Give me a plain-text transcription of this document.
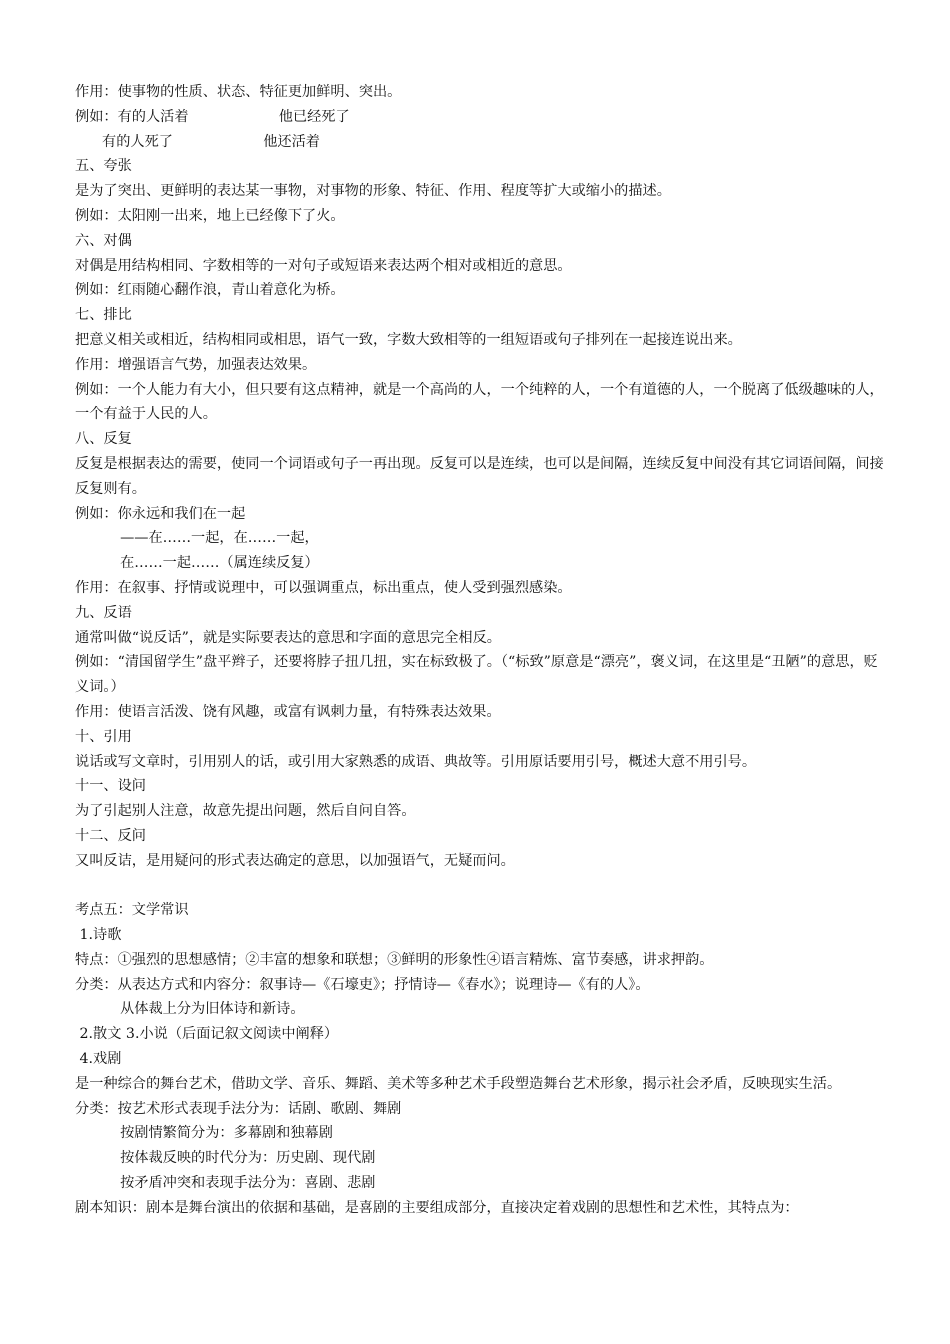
作用：使事物的性质、状态、特征更加鲜明、突出。
例如：有的人活着                    他已经死了
有的人死了                    他还活着
五、夸张
是为了突出、更鲜明的表达某一事物，对事物的形象、特征、作用、程度等扩大或缩小的描述。
例如：太阳刚一出来，地上已经像下了火。
六、对偶
对偶是用结构相同、字数相等的一对句子或短语来表达两个相对或相近的意思。
例如：红雨随心翻作浪，青山着意化为桥。
七、排比
把意义相关或相近，结构相同或相思，语气一致，字数大致相等的一组短语或句子排列在一起接连说出来。
作用：增强语言气势，加强表达效果。
例如：一个人能力有大小，但只要有这点精神，就是一个高尚的人，一个纯粹的人，一个有道德的人，一个脱离了低级趣味的人，一个有益于人民的人。
八、反复
反复是根据表达的需要，使同一个词语或句子一再出现。反复可以是连续，也可以是间隔，连续反复中间没有其它词语间隔，间接反复则有。
例如：你永远和我们在一起
——在……一起，在……一起，
在……一起……（属连续反复）
作用：在叙事、抒情或说理中，可以强调重点，标出重点，使人受到强烈感染。
九、反语
通常叫做“说反话”，就是实际要表达的意思和字面的意思完全相反。
例如：“清国留学生”盘平辫子，还要将脖子扭几扭，实在标致极了。（“标致”原意是“漂亮”，褒义词，在这里是“丑陋”的意思，贬义词。）
作用：使语言活泼、饶有风趣，或富有讽刺力量，有特殊表达效果。
十、引用
说话或写文章时，引用别人的话，或引用大家熟悉的成语、典故等。引用原话要用引号，概述大意不用引号。
十一、设问
为了引起别人注意，故意先提出问题，然后自问自答。
十二、反问
又叫反诘，是用疑问的形式表达确定的意思，以加强语气，无疑而问。
考点五：文学常识
1.诗歌
特点：①强烈的思想感情；②丰富的想象和联想；③鲜明的形象性④语言精炼、富节奏感，讲求押韵。
分类：从表达方式和内容分：叙事诗—《石壕吏》；抒情诗—《春水》；说理诗—《有的人》。
从体裁上分为旧体诗和新诗。
2.散文 3.小说（后面记叙文阅读中阐释）
4.戏剧
是一种综合的舞台艺术，借助文学、音乐、舞蹈、美术等多种艺术手段塑造舞台艺术形象，揭示社会矛盾，反映现实生活。
分类：按艺术形式表现手法分为：话剧、歌剧、舞剧
按剧情繁简分为：多幕剧和独幕剧
按体裁反映的时代分为：历史剧、现代剧
按矛盾冲突和表现手法分为：喜剧、悲剧
剧本知识：剧本是舞台演出的依据和基础，是喜剧的主要组成部分，直接决定着戏剧的思想性和艺术性，其特点为：
